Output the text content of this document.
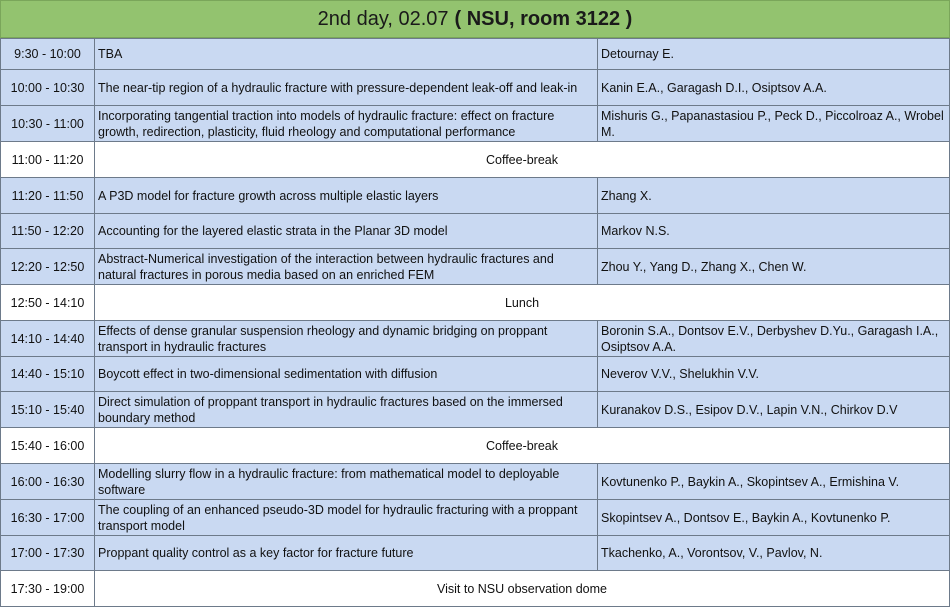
2nd day, 02.07 ( NSU, room 3122 )
9:30 - 10:00	TBA	Detournay E.
10:00 - 10:30	The near-tip region of a hydraulic fracture with pressure-dependent leak-off and leak-in	Kanin E.A., Garagash D.I., Osiptsov A.A.
10:30 - 11:00	Incorporating tangential traction into models of hydraulic fracture: effect on fracture growth, redirection, plasticity, fluid rheology and computational performance	Mishuris G., Papanastasiou P., Peck D., Piccolroaz A., Wrobel M.
11:00 - 11:20	Coffee-break	
11:20 - 11:50	A P3D model for fracture growth across multiple elastic layers	Zhang X.
11:50 - 12:20	Accounting for the layered elastic strata in the Planar 3D model	Markov N.S.
12:20 - 12:50	Abstract-Numerical investigation of the interaction between hydraulic fractures and natural fractures in porous media based on an enriched FEM	Zhou Y., Yang D., Zhang X., Chen W.
12:50 - 14:10	Lunch	
14:10 - 14:40	Effects of dense granular suspension rheology and dynamic bridging on proppant transport in hydraulic fractures	Boronin S.A., Dontsov E.V., Derbyshev D.Yu., Garagash I.A., Osiptsov A.A.
14:40 - 15:10	Boycott effect in two-dimensional sedimentation with diffusion	Neverov V.V., Shelukhin V.V.
15:10 - 15:40	Direct simulation of proppant transport in hydraulic fractures based on the immersed boundary method	Kuranakov D.S., Esipov D.V., Lapin V.N., Chirkov D.V
15:40 - 16:00	Coffee-break	
16:00 - 16:30	Modelling slurry flow in a hydraulic fracture: from mathematical model to deployable software	Kovtunenko P., Baykin A., Skopintsev A., Ermishina V.
16:30 - 17:00	The coupling of an enhanced pseudo-3D model for hydraulic fracturing with a proppant transport model	Skopintsev A., Dontsov E., Baykin A., Kovtunenko P.
17:00 - 17:30	Proppant quality control as a key factor for fracture future	Tkachenko, A., Vorontsov, V., Pavlov, N.
17:30 - 19:00	Visit to NSU observation dome	
